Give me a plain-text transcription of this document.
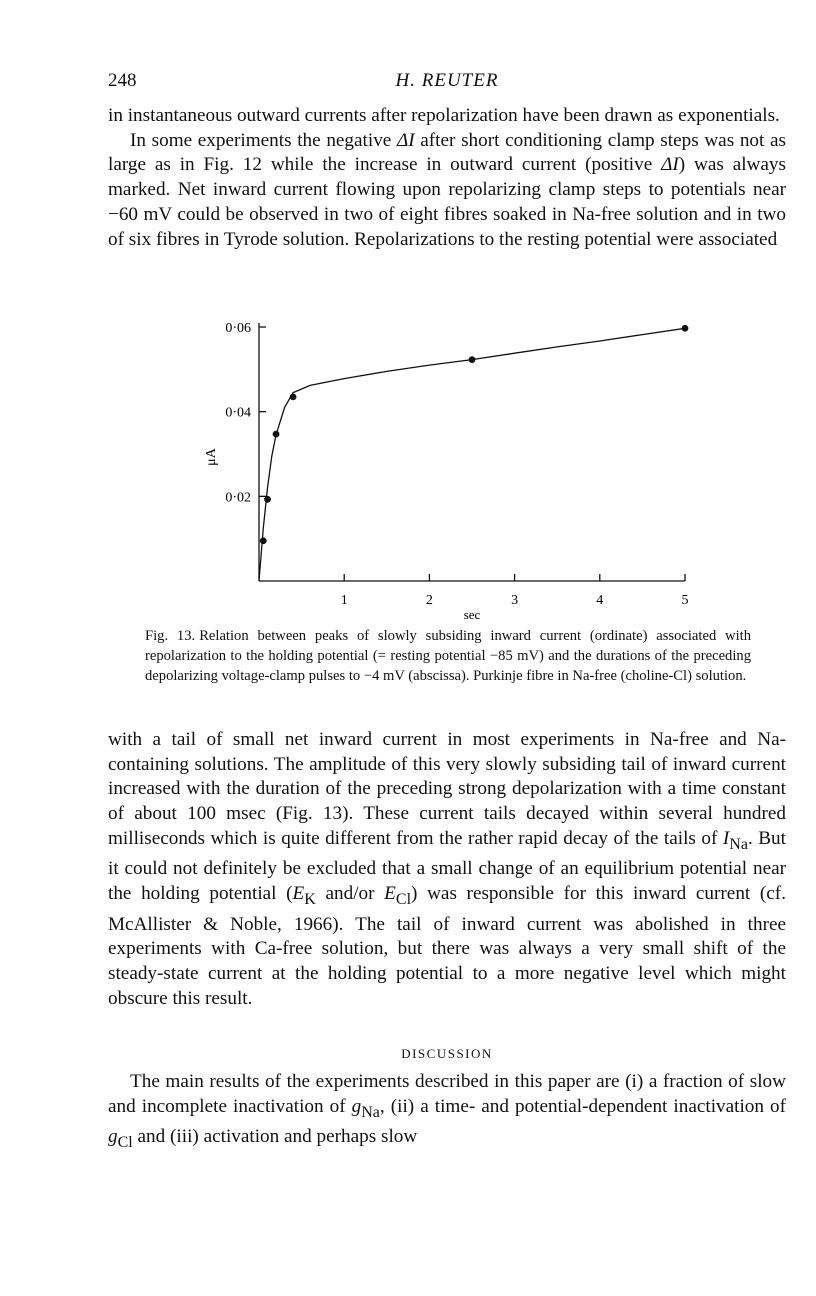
248	H. REUTER

in instantaneous outward currents after repolarization have been drawn as exponentials.

In some experiments the negative ΔI after short conditioning clamp steps was not as large as in Fig. 12 while the increase in outward current (positive ΔI) was always marked. Net inward current flowing upon repolarizing clamp steps to potentials near −60 mV could be observed in two of eight fibres soaked in Na-free solution and in two of six fibres in Tyrode solution. Repolarizations to the resting potential were associated

1	2	3	4	5
0·02
0·04
0·06
μA
sec
Fig. 13. Relation between peaks of slowly subsiding inward current (ordinate) associated with repolarization to the holding potential (= resting potential −85 mV) and the durations of the preceding depolarizing voltage-clamp pulses to −4 mV (abscissa). Purkinje fibre in Na-free (choline-Cl) solution.

with a tail of small net inward current in most experiments in Na-free and Na-containing solutions. The amplitude of this very slowly subsiding tail of inward current increased with the duration of the preceding strong depolarization with a time constant of about 100 msec (Fig. 13). These current tails decayed within several hundred milliseconds which is quite different from the rather rapid decay of the tails of $I_{Na}$. But it could not definitely be excluded that a small change of an equilibrium potential near the holding potential ($E_K$ and/or $E_{Cl}$) was responsible for this inward current (cf. McAllister & Noble, 1966). The tail of inward current was abolished in three experiments with Ca-free solution, but there was always a very small shift of the steady-state current at the holding potential to a more negative level which might obscure this result.

DISCUSSION

The main results of the experiments described in this paper are (i) a fraction of slow and incomplete inactivation of $g_{Na}$, (ii) a time- and potential-dependent inactivation of $g_{Cl}$ and (iii) activation and perhaps slow
